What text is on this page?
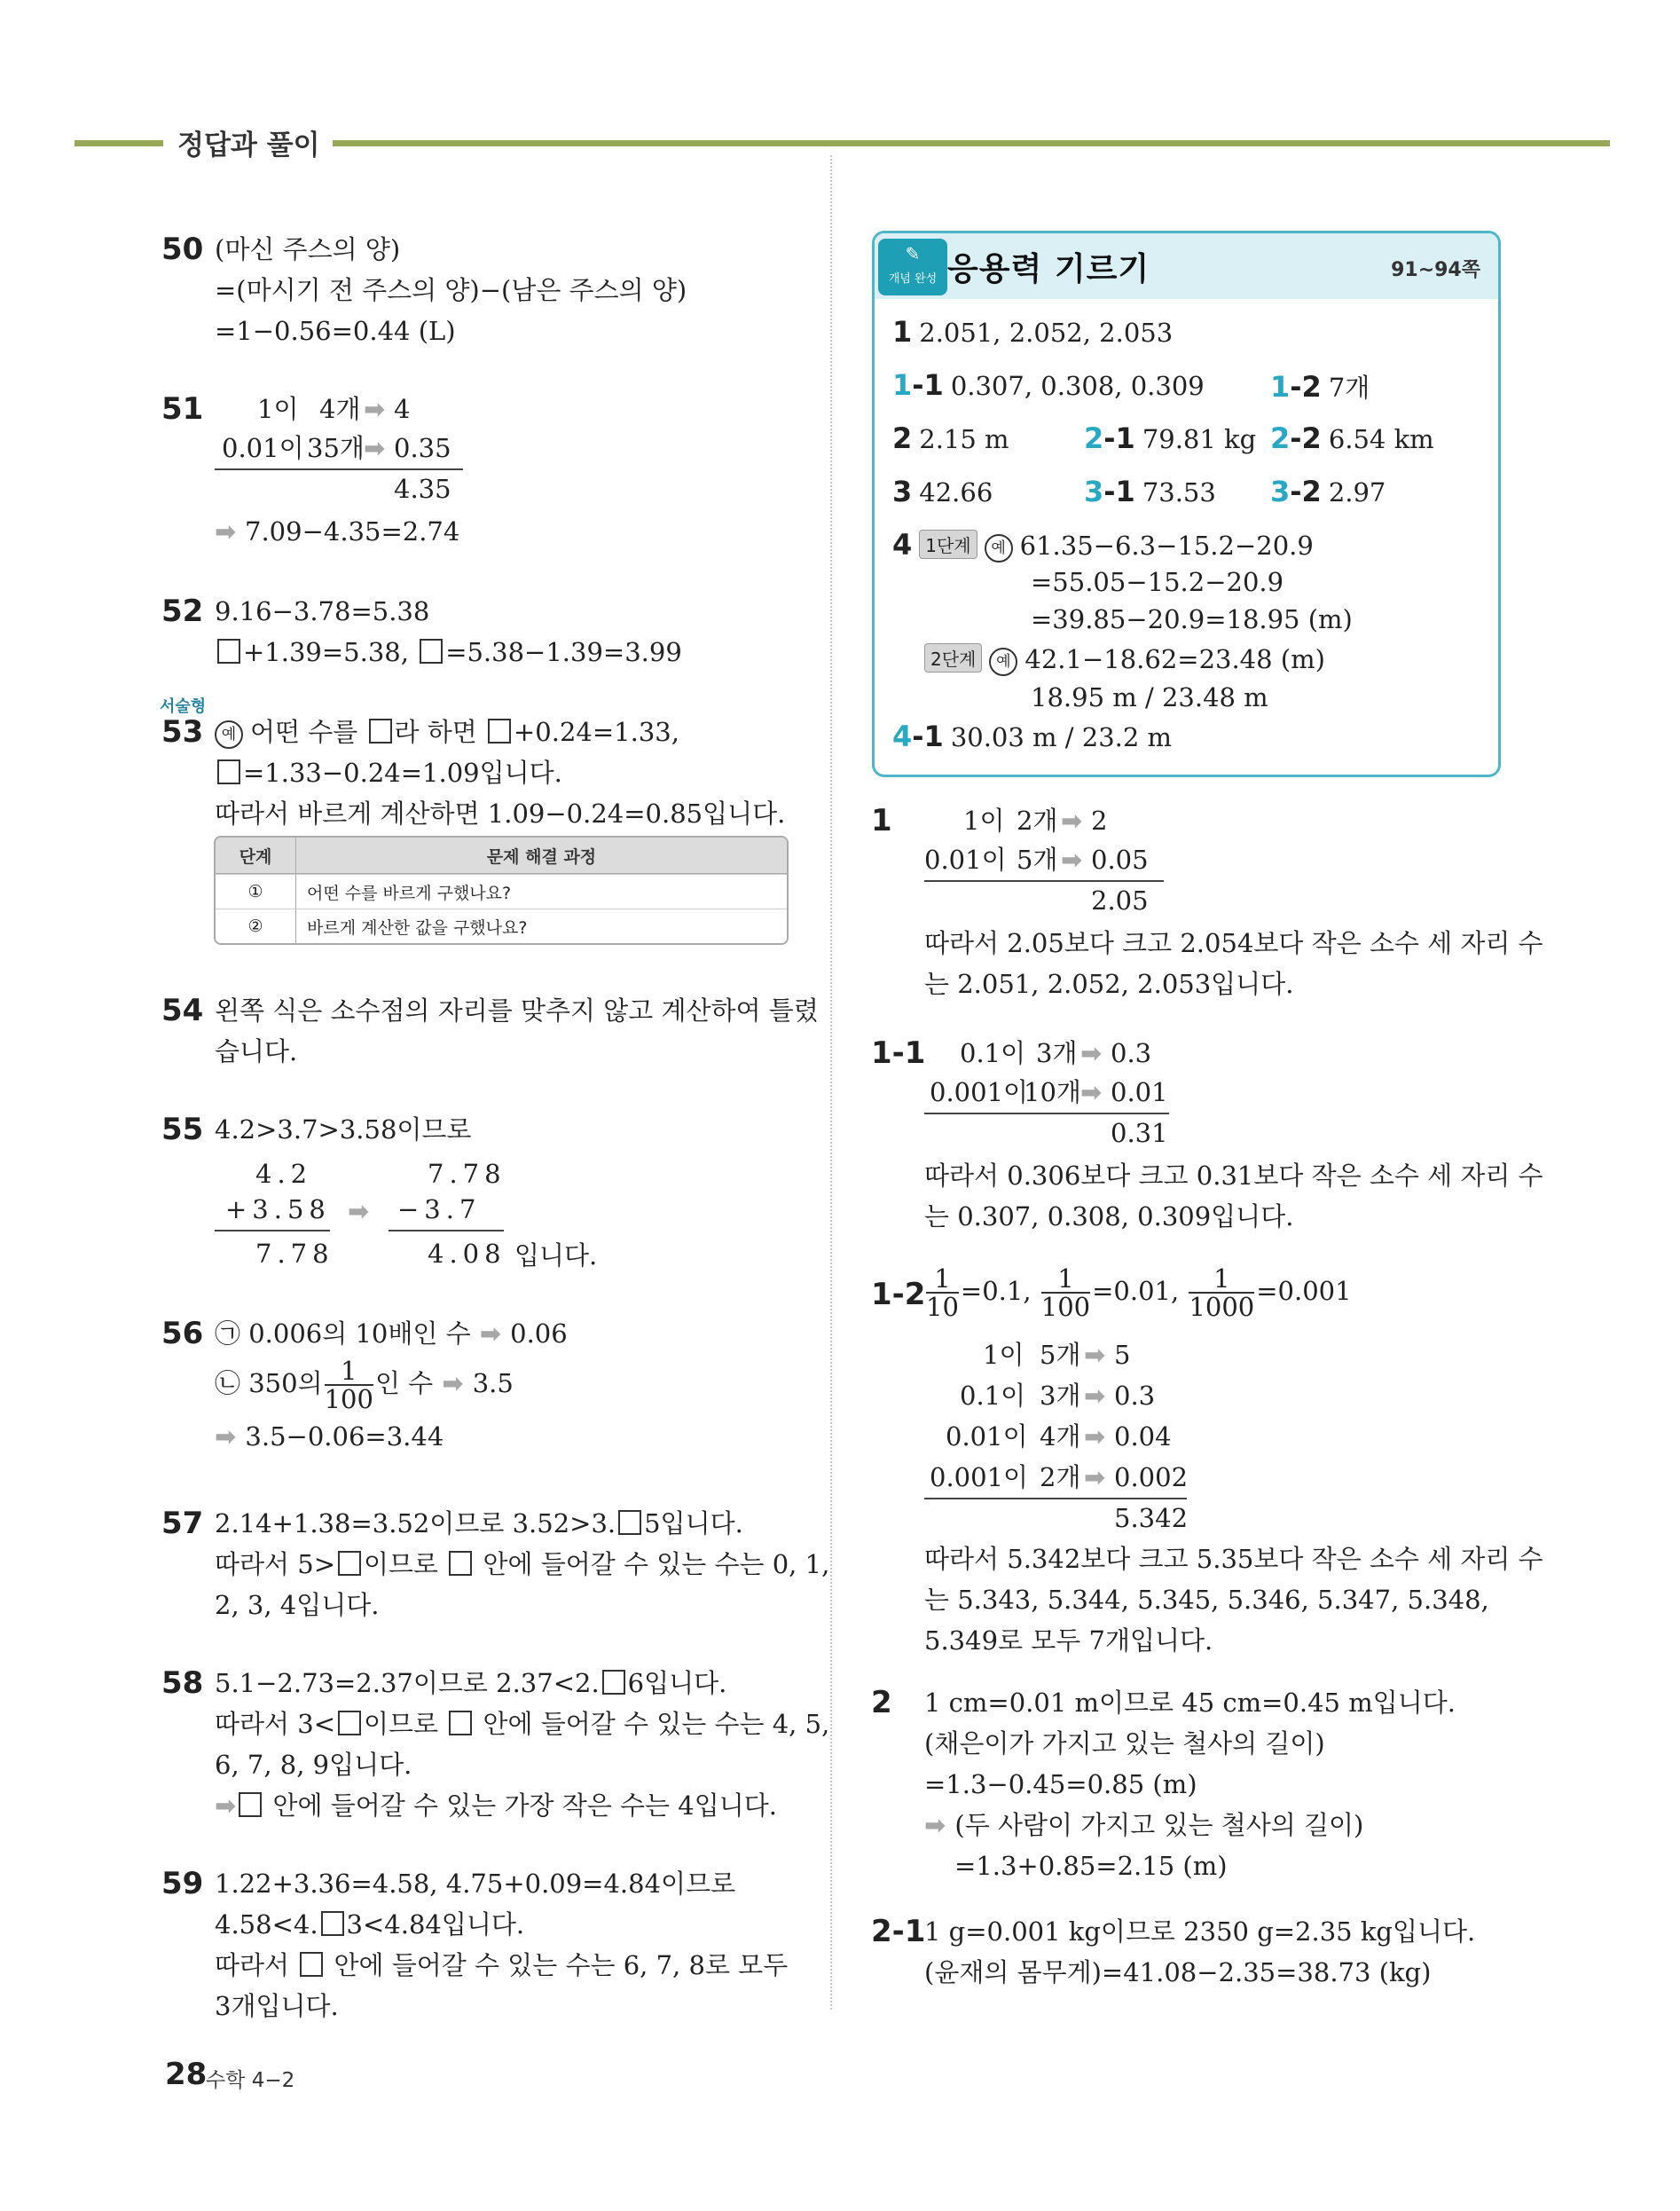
정답과 풀이
50 (마신 주스의 양)
=(마시기 전 주스의 양)−(남은 주스의 양)
=1−0.56=0.44 (L)
51 1이 4개 ➡ 4
0.01이 35개 ➡ 0.35
4.35
➡ 7.09−4.35=2.74
52 9.16−3.78=5.38
+1.39=5.38, =5.38−1.39=3.99
서술형
53	예 어떤 수를 라 하면 +0.24=1.33,
=1.33−0.24=1.09입니다.
따라서 바르게 계산하면 1.09−0.24=0.85입니다.
단계	문제 해결 과정
①	어떤 수를 바르게 구했나요?
②	바르게 계산한 값을 구했나요?
54 왼쪽 식은 소수점의 자리를 맞추지 않고 계산하여 틀렸
습니다.
55 4.2>3.7>3.58이므로
4.2
+3.58
7.78
➡
7.78
−3.7
4.08 입니다.
56 ㉠ 0.006의 10배인 수 ➡ 0.06
㉡ 350의 $\frac{1}{100}$ 인 수 ➡ 3.5
➡ 3.5−0.06=3.44
57 2.14+1.38=3.52이므로 3.52>3. 5입니다.
따라서 5> 이므로 안에 들어갈 수 있는 수는 0, 1,
2, 3, 4입니다.
58 5.1−2.73=2.37이므로 2.37<2. 6입니다.
따라서 3< 이므로 안에 들어갈 수 있는 수는 4, 5,
6, 7, 8, 9입니다.
➡ 안에 들어갈 수 있는 가장 작은 수는 4입니다.
59 1.22+3.36=4.58, 4.75+0.09=4.84이므로
4.58<4. 3<4.84입니다.
따라서 안에 들어갈 수 있는 수는 6, 7, 8로 모두
3개입니다.
✎
개념 완성 응용력 기르기	91~94쪽
1 2.051, 2.052, 2.053
1-1 0.307, 0.308, 0.309 1-2 7개
2 2.15 m	2-1 79.81 kg 2-2 6.54 km
3 42.66	3-1 73.53 3-2 2.97
4 1단계 예 61.35−6.3−15.2−20.9
=55.05−15.2−20.9
=39.85−20.9=18.95 (m)
2단계 예 42.1−18.62=23.48 (m)
18.95 m / 23.48 m
4-1 30.03 m / 23.2 m
1	1이 2개 ➡ 2
0.01이 5개 ➡ 0.05
2.05
따라서 2.05보다 크고 2.054보다 작은 소수 세 자리 수
는 2.051, 2.052, 2.053입니다.
1-1 0.1이 3개 ➡ 0.3
0.001이
10개 ➡ 0.01
0.31
따라서 0.306보다 크고 0.31보다 작은 소수 세 자리 수
는 0.307, 0.308, 0.309입니다.
$1-2 \frac{1}{10} =0.1$, $\frac{1}{100} =0.01$, $\frac{1}{1000} =0.001$
1이 5개 ➡ 5
0.1이 3개 ➡ 0.3
0.01이 4개 ➡ 0.04
0.001이 2개 ➡ 0.002
5.342
따라서 5.342보다 크고 5.35보다 작은 소수 세 자리 수
는 5.343, 5.344, 5.345, 5.346, 5.347, 5.348,
5.349로 모두 7개입니다.
2 1 cm=0.01 m이므로 45 cm=0.45 m입니다.
(채은이가 가지고 있는 철사의 길이)
=1.3−0.45=0.85 (m)
➡ (두 사람이 가지고 있는 철사의 길이)
=1.3+0.85=2.15 (m)
2-1
1 g=0.001 kg이므로 2350 g=2.35 kg입니다.
(윤재의 몸무게)=41.08−2.35=38.73 (kg)
28
수학 4−2
